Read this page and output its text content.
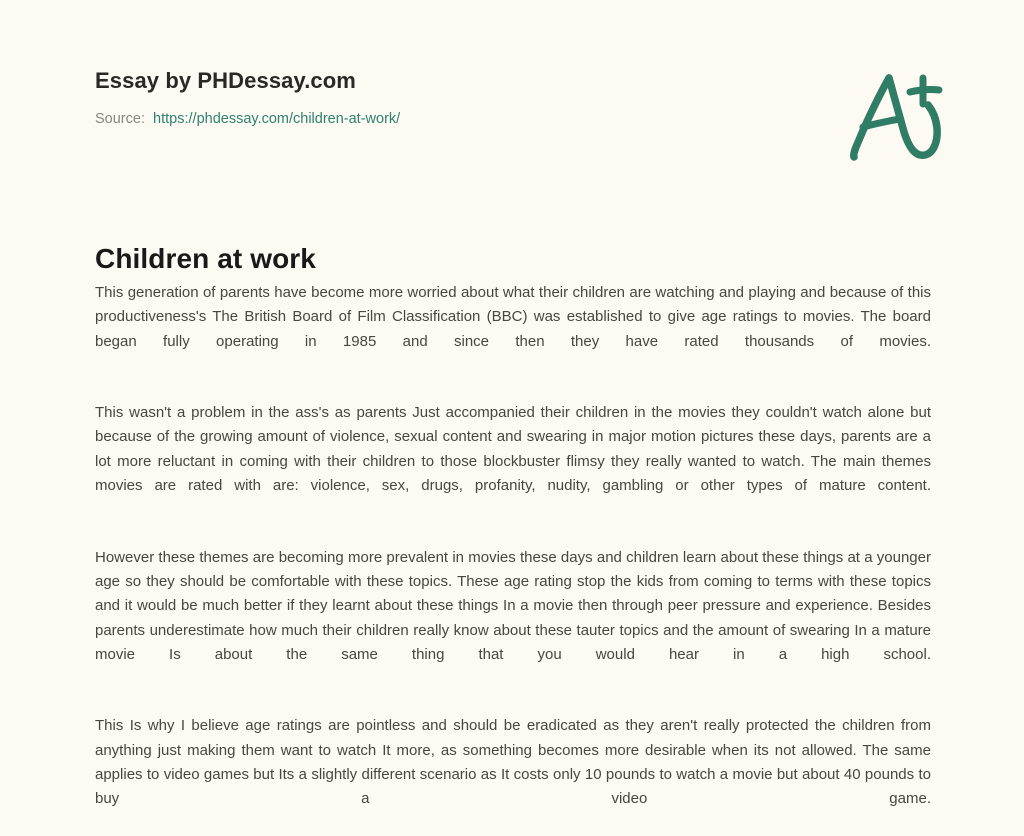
Essay by PHDessay.com
Source: https://phdessay.com/children-at-work/
Children at work

This generation of parents have become more worried about what their children are watching and playing and because of this productiveness's The British Board of Film Classification (BBC) was established to give age ratings to movies. The board began fully operating in 1985 and since then they have rated thousands of movies.

This wasn't a problem in the ass's as parents Just accompanied their children in the movies they couldn't watch alone but because of the growing amount of violence, sexual content and swearing in major motion pictures these days, parents are a lot more reluctant in coming with their children to those blockbuster flimsy they really wanted to watch. The main themes movies are rated with are: violence, sex, drugs, profanity, nudity, gambling or other types of mature content.

However these themes are becoming more prevalent in movies these days and children learn about these things at a younger age so they should be comfortable with these topics. These age rating stop the kids from coming to terms with these topics and it would be much better if they learnt about these things In a movie then through peer pressure and experience. Besides parents underestimate how much their children really know about these tauter topics and the amount of swearing In a mature movie Is about the same thing that you would hear in a high school.

This Is why I believe age ratings are pointless and should be eradicated as they aren't really protected the children from anything just making them want to watch It more, as something becomes more desirable when its not allowed. The same applies to video games but Its a slightly different scenario as It costs only 10 pounds to watch a movie but about 40 pounds to buy a video game.
